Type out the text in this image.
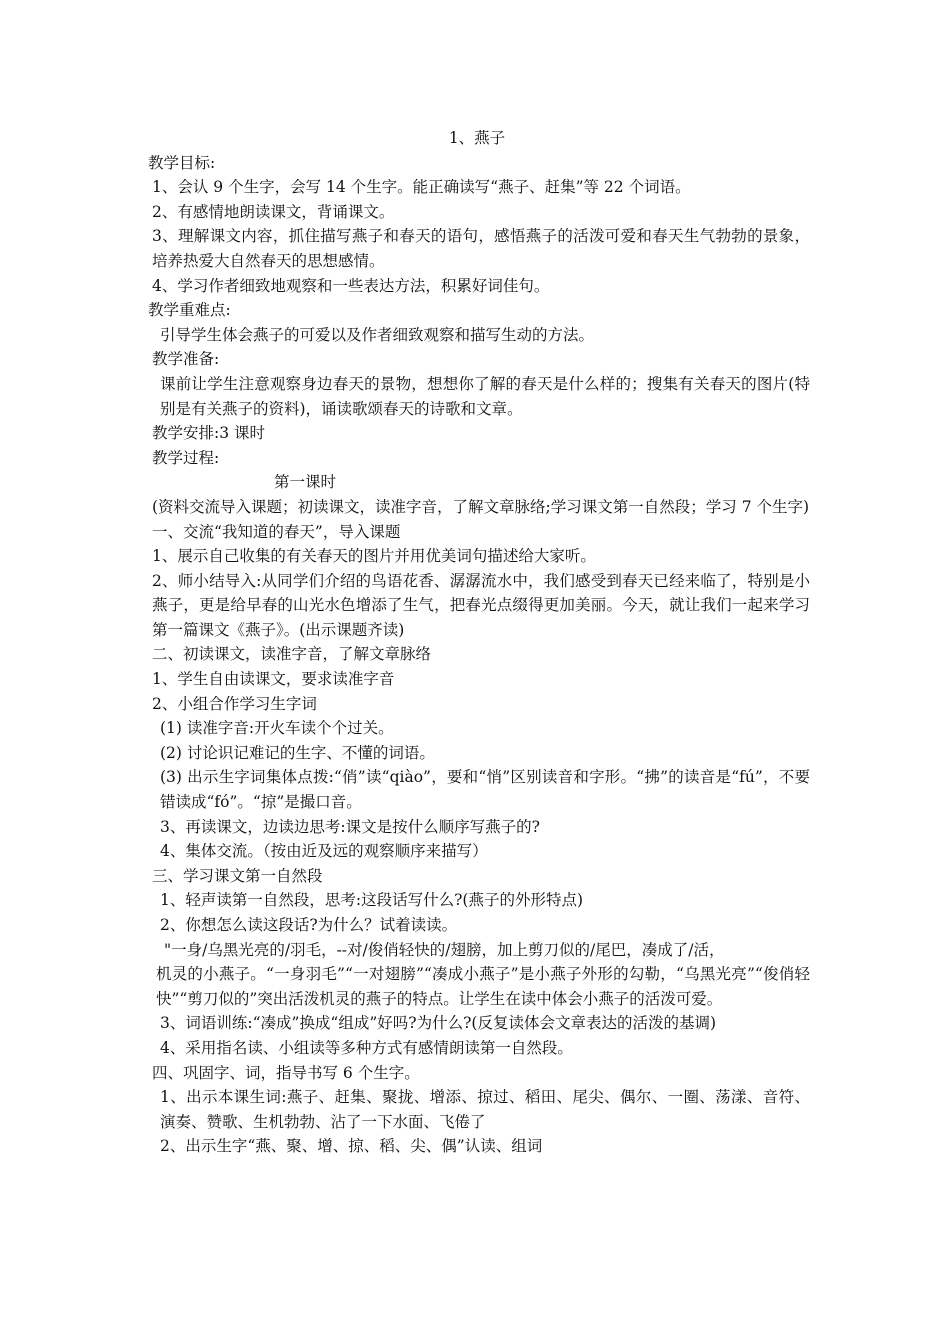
1、燕子
教学目标:
1、会认 9 个生字，会写 14 个生字。能正确读写“燕子、赶集”等 22 个词语。
2、有感情地朗读课文，背诵课文。
3、理解课文内容，抓住描写燕子和春天的语句，感悟燕子的活泼可爱和春天生气勃勃的景象，培养热爱大自然春天的思想感情。
4、学习作者细致地观察和一些表达方法，积累好词佳句。
教学重难点:
引导学生体会燕子的可爱以及作者细致观察和描写生动的方法。
教学准备:
课前让学生注意观察身边春天的景物，想想你了解的春天是什么样的；搜集有关春天的图片(特别是有关燕子的资料)，诵读歌颂春天的诗歌和文章。
教学安排:3 课时
教学过程:
第一课时
(资料交流导入课题；初读课文，读准字音，了解文章脉络;学习课文第一自然段；学习 7 个生字)
一、交流“我知道的春天”，导入课题
1、展示自己收集的有关春天的图片并用优美词句描述给大家听。
2、师小结导入:从同学们介绍的鸟语花香、潺潺流水中，我们感受到春天已经来临了，特别是小燕子，更是给早春的山光水色增添了生气，把春光点缀得更加美丽。今天，就让我们一起来学习第一篇课文《燕子》。(出示课题齐读)
二、初读课文，读准字音，了解文章脉络
1、学生自由读课文，要求读准字音
2、小组合作学习生字词
(1) 读准字音:开火车读个个过关。
(2) 讨论识记难记的生字、不懂的词语。
(3) 出示生字词集体点拨:“俏”读“qiào”，要和“悄”区别读音和字形。“拂”的读音是“fú”，不要错读成“fó”。“掠”是撮口音。
3、再读课文，边读边思考:课文是按什么顺序写燕子的?
4、集体交流。（按由近及远的观察顺序来描写）
三、学习课文第一自然段
1、轻声读第一自然段，思考:这段话写什么?(燕子的外形特点)
2、你想怎么读这段话?为什么？试着读读。
"一身/乌黑光亮的/羽毛，--对/俊俏轻快的/翅膀，加上剪刀似的/尾巴，凑成了/活，
机灵的小燕子。“一身羽毛”“一对翅膀”“凑成小燕子”是小燕子外形的勾勒，“乌黑光亮”“俊俏轻快”“剪刀似的”突出活泼机灵的燕子的特点。让学生在读中体会小燕子的活泼可爱。
3、词语训练:“凑成”换成“组成”好吗?为什么?(反复读体会文章表达的活泼的基调)
4、采用指名读、小组读等多种方式有感情朗读第一自然段。
四、巩固字、词，指导书写 6 个生字。
1、出示本课生词:燕子、赶集、聚拢、增添、掠过、稻田、尾尖、偶尔、一圈、荡漾、音符、演奏、赞歌、生机勃勃、沾了一下水面、飞倦了
2、出示生字“燕、聚、增、掠、稻、尖、偶”认读、组词
